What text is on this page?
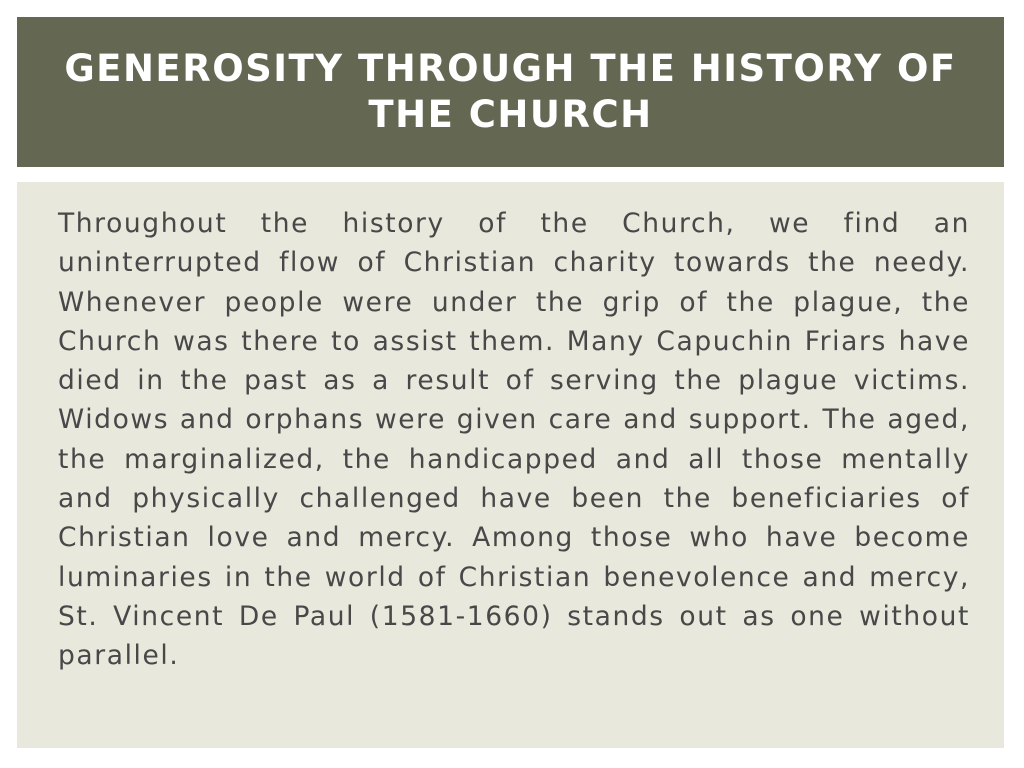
GENEROSITY THROUGH THE HISTORY OF THE CHURCH

Throughout the history of the Church, we find an uninterrupted flow of Christian charity towards the needy. Whenever people were under the grip of the plague, the Church was there to assist them. Many Capuchin Friars have died in the past as a result of serving the plague victims. Widows and orphans were given care and support. The aged, the marginalized, the handicapped and all those mentally and physically challenged have been the beneficiaries of Christian love and mercy. Among those who have become luminaries in the world of Christian benevolence and mercy, St. Vincent De Paul (1581-1660) stands out as one without parallel.
